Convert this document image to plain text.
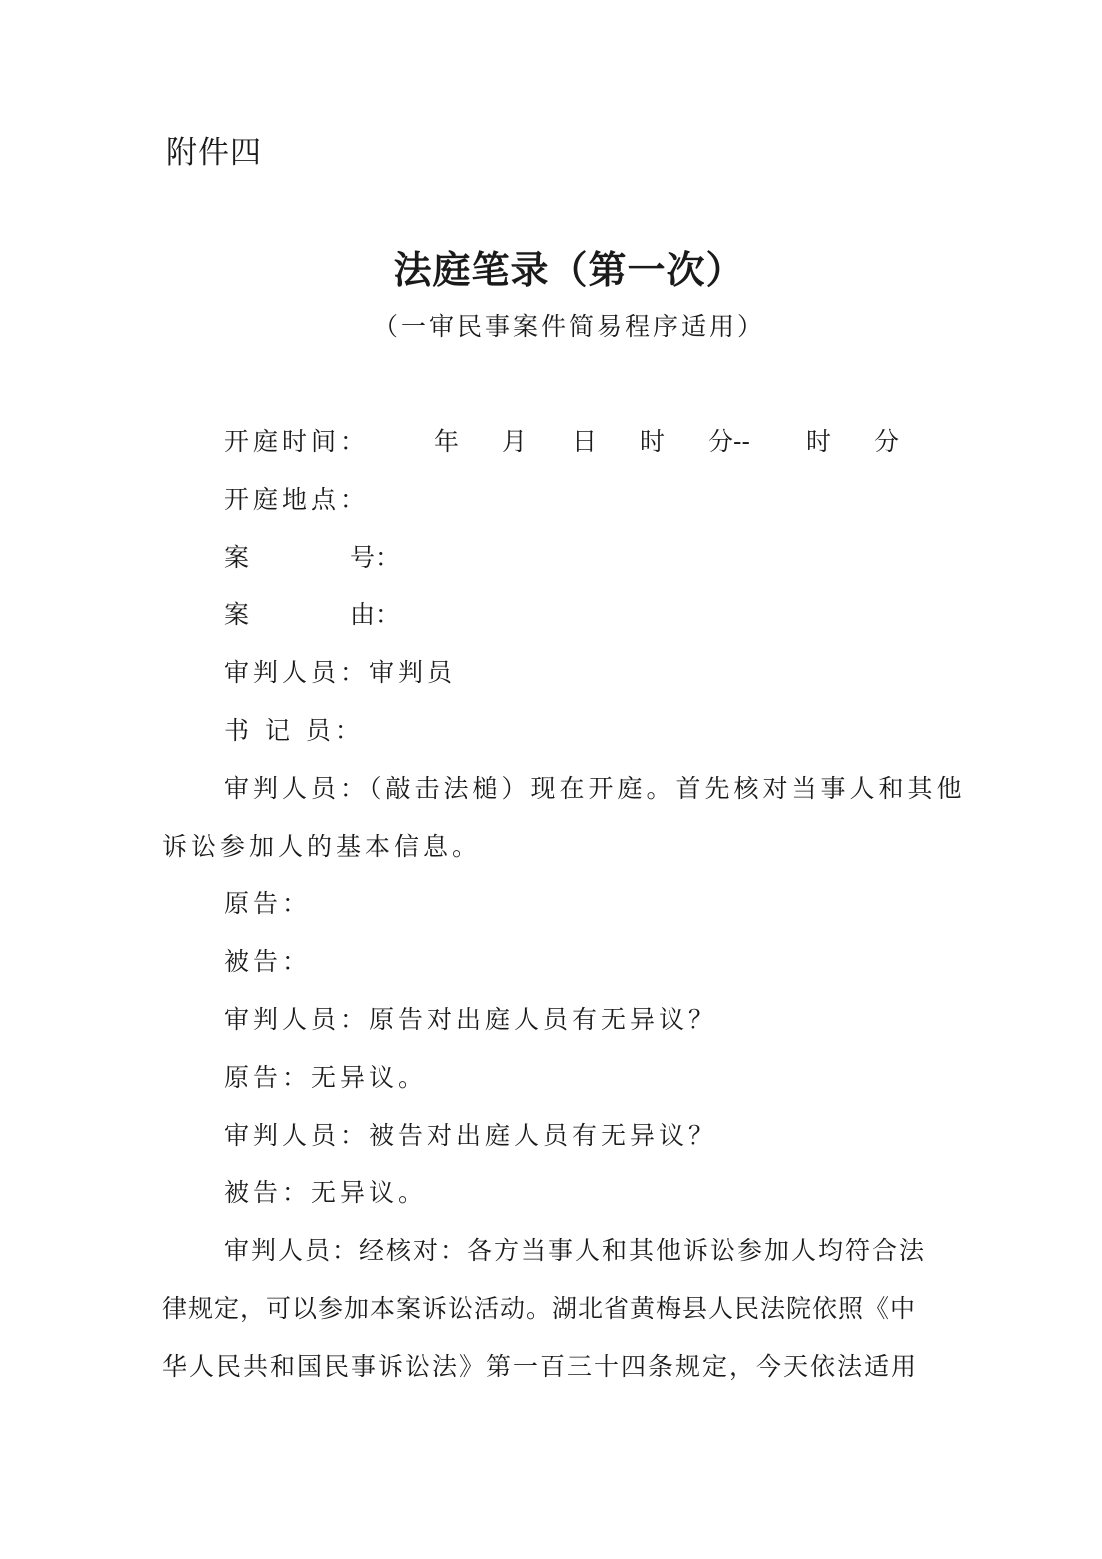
附件四
法庭笔录（第一次）
（一审民事案件简易程序适用）
开庭时间：	年 月 日 时 分-- 时 分
开庭地点：
案	号：
案	由：
审判人员：审判员
书 记 员：
审判人员：（敲击法槌）现在开庭。首先核对当事人和其他
诉讼参加人的基本信息。
原告：
被告：
审判人员：原告对出庭人员有无异议？
原告：无异议。
审判人员：被告对出庭人员有无异议？
被告：无异议。
审判人员：经核对：各方当事人和其他诉讼参加人均符合法
律规定，可以参加本案诉讼活动。湖北省黄梅县人民法院依照《中
华人民共和国民事诉讼法》第一百三十四条规定，今天依法适用
